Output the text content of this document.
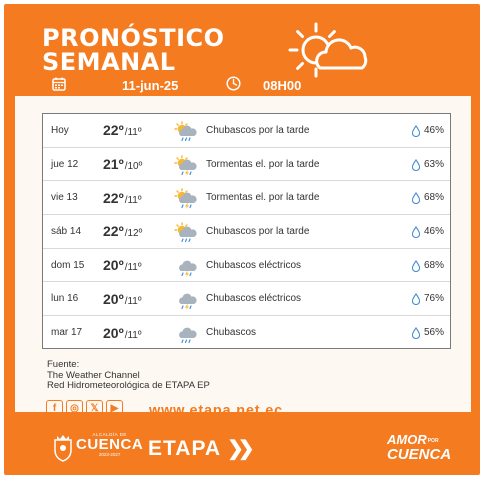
PRONÓSTICO
SEMANAL
11-jun-25	08H00
Hoy 22º /11º	Chubascos por la tarde	46%
jue 12 21º /10º	Tormentas el. por la tarde	63%
vie 13 22º /11º	Tormentas el. por la tarde	68%
sáb 14 22º /12º	Chubascos por la tarde	46%
dom 15 20º /11º	Chubascos eléctricos	68%
lun 16 20º /11º	Chubascos eléctricos	76%
mar 17 20º /11º	Chubascos	56%
Fuente:
The Weather Channel
Red Hidrometeorológica de ETAPA EP
f	◎	𝕏	▶	www.etapa.net.ec
ALCALDÍA DE
CUENCA
2023-2027	ETAPA ❯❯	AMORPOR
CUENCA
